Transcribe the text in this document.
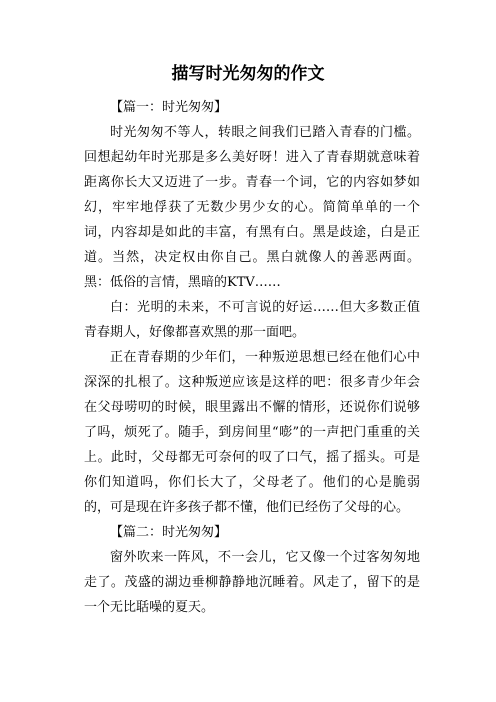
描写时光匆匆的作文

【篇一：时光匆匆】

时光匆匆不等人，转眼之间我们已踏入青春的门槛。回想起幼年时光那是多么美好呀！进入了青春期就意味着距离你长大又迈进了一步。青春一个词，它的内容如梦如幻，牢牢地俘获了无数少男少女的心。简简单单的一个词，内容却是如此的丰富，有黑有白。黑是歧途，白是正道。当然，决定权由你自己。黑白就像人的善恶两面。黑：低俗的言情，黑暗的KTV……

白：光明的未来，不可言说的好运……但大多数正值青春期人，好像都喜欢黑的那一面吧。

正在青春期的少年们，一种叛逆思想已经在他们心中深深的扎根了。这种叛逆应该是这样的吧：很多青少年会在父母唠叨的时候，眼里露出不懈的情形，还说你们说够了吗，烦死了。随手，到房间里“嘭”的一声把门重重的关上。此时，父母都无可奈何的叹了口气，摇了摇头。可是你们知道吗，你们长大了，父母老了。他们的心是脆弱的，可是现在许多孩子都不懂，他们已经伤了父母的心。

【篇二：时光匆匆】

窗外吹来一阵风，不一会儿，它又像一个过客匆匆地走了。茂盛的湖边垂柳静静地沉睡着。风走了，留下的是一个无比聒噪的夏天。
